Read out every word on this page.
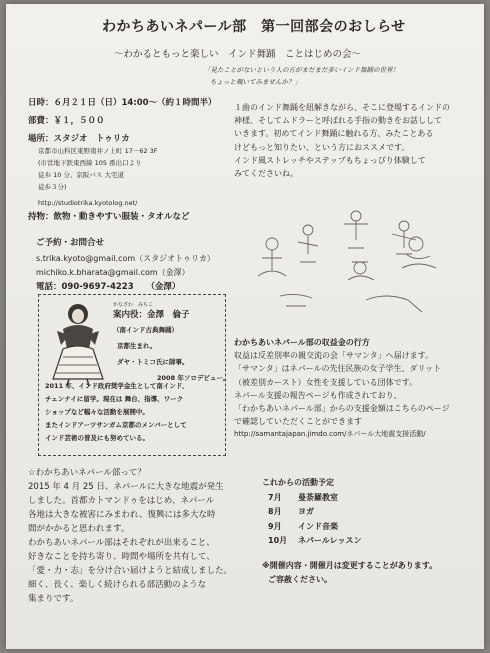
わかちあいネパール部　第一回部会のおしらせ
～わかるともっと楽しい　インド舞踊　ことはじめの会～
「見たことがないという人の方がまだまだ多いインド舞踊の世界！
ちょっと覗いてみませんか？」
日時：６月２１日（日）14:00～（約１時間半）
部費：￥１，５００
場所：スタジオ　トゥリカ
京都市山科区東野南井ノ上町 17－62 3F
(市営地下鉄東西線 105 番出口より
徒歩 10 分、京阪バス 大宅道
徒歩３分)
http://studiotrika.kyotolog.net/
持物：飲物・動きやすい服装・タオルなど
ご予約・お問合せ
s.trika.kyoto@gmail.com（スタジオトゥリカ）
michiko.k.bharata@gmail.com（金澤）
電話：090-9697-4223　　（金澤）
かなざわ　みちこ
案内役：金澤　倫子
（南インド古典舞踊）
京都生まれ。
ダヤ・トミコ氏に師事。
2008 年ソロデビュー。
2011 年、インド政府奨学金生として南インド、
チェンナイに留学。現在は 舞台、指導、ワーク
ショップなど幅々な活動を展開中。
またインドアーツサンガム京都のメンバーとして
インド芸術の普及にも努めている。
１曲のインド舞踊を紐解きながら、そこに登場するインドの
神様、そしてムドラーと呼ばれる手指の動きをお話しして
いきます。初めてインド舞踊に触れる方、みたことある
けどもっと知りたい、という方におススメです。
インド風ストレッチやステップもちょっぴり体験して
みてくださいね。
わかちあいネパール部の収益金の行方
収益は反差別率の親交流の会「サマンタ」へ届けます。
「サマンタ」はネパールの先住民族の女子学生、ダリット
（被差別カースト）女性を支援している団体です。
ネパール支援の報告ページも作成されており、
「わかちあいネパール部」からの支援金額はこちらのページ
で確認していただくことができます
http://samantajapan.jimdo.com/ネパール大地震支援活動/
☆わかちあいネパール部って？
2015 年 4 月 25 日、ネパールに大きな地震が発生
しました。首都カトマンドゥをはじめ、ネパール
各地は大きな被害にみまわれ、復興には多大な時
間がかかると思われます。
わかちあいネパール部はそれぞれが出来ること、
好きなことを持ち寄り、時間や場所を共有して、
「愛・力・志」を分け合い届けようと結成しました。
細く、長く、楽しく続けられる部活動のような
集まりです。
これからの活動予定
7月 曼荼羅教室
8月 ヨガ
9月 インド音楽
10月 ネパールレッスン
※開催内容・開催月は変更することがあります。
ご容赦ください。
